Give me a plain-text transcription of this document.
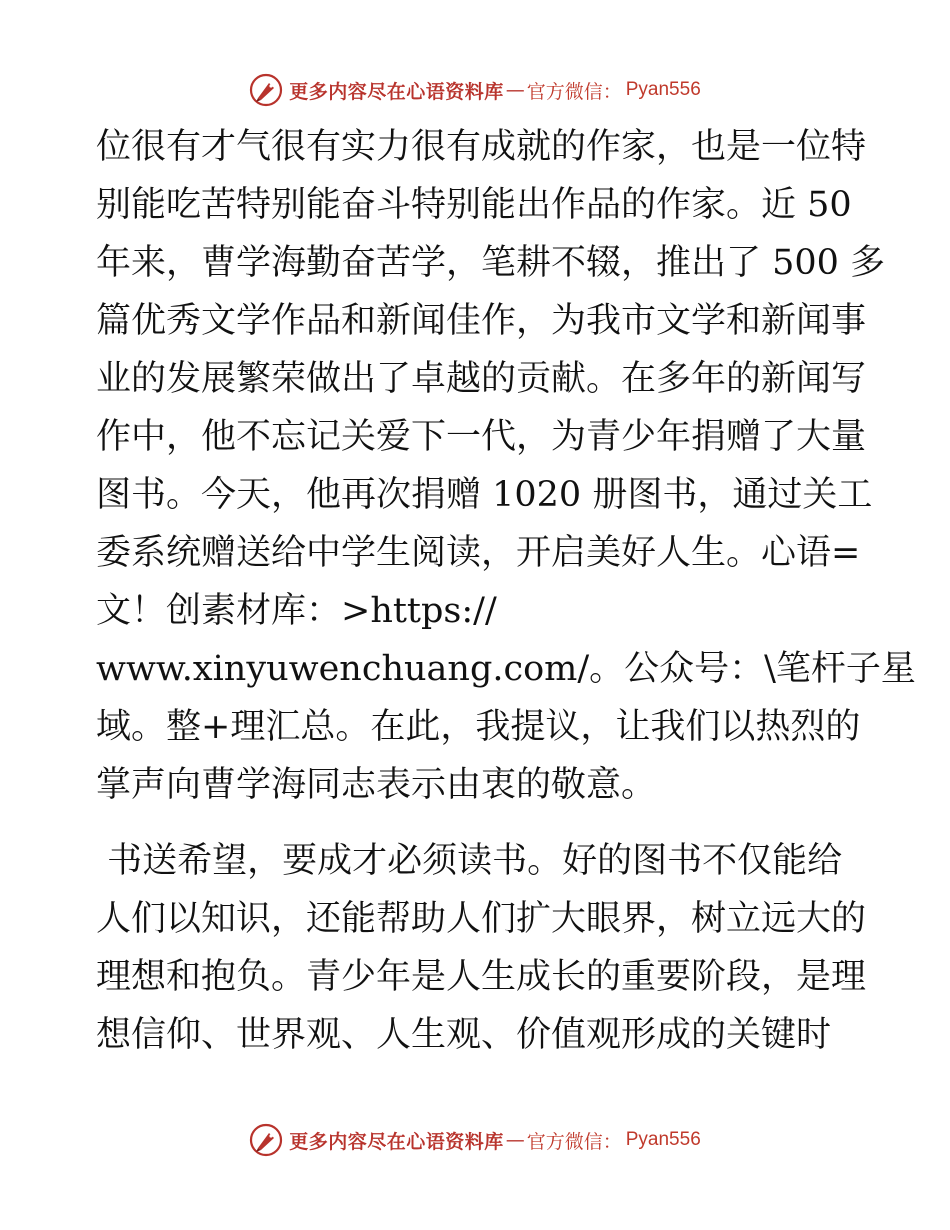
更多内容尽在心语资料库 — 官方微信： Pyan556
位很有才气很有实力很有成就的作家，也是一位特
别能吃苦特别能奋斗特别能出作品的作家。近 50
年来，曹学海勤奋苦学，笔耕不辍，推出了 500 多
篇优秀文学作品和新闻佳作，为我市文学和新闻事
业的发展繁荣做出了卓越的贡献。在多年的新闻写
作中，他不忘记关爱下一代，为青少年捐赠了大量
图书。今天，他再次捐赠 1020 册图书，通过关工
委系统赠送给中学生阅读，开启美好人生。心语=
文！创素材库：>https://
www.xinyuwenchuang.com/。公众号：\笔杆子星
域。整+理汇总。在此，我提议，让我们以热烈的
掌声向曹学海同志表示由衷的敬意。
书送希望，要成才必须读书。好的图书不仅能给
人们以知识，还能帮助人们扩大眼界，树立远大的
理想和抱负。青少年是人生成长的重要阶段，是理
想信仰、世界观、人生观、价值观形成的关键时
更多内容尽在心语资料库 — 官方微信： Pyan556
